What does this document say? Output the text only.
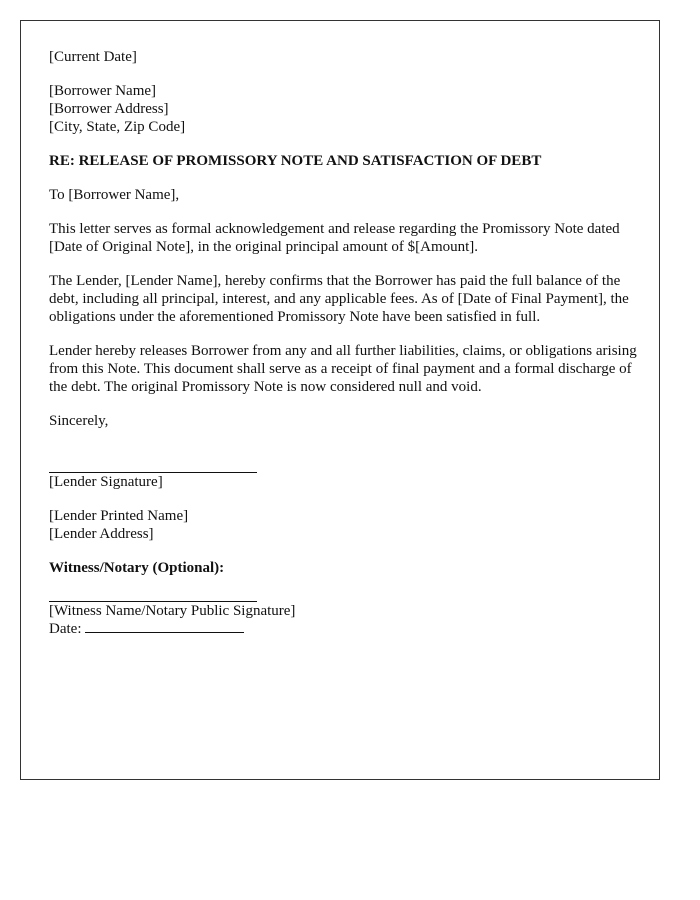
[Current Date]

[Borrower Name]
[Borrower Address]
[City, State, Zip Code]

RE: RELEASE OF PROMISSORY NOTE AND SATISFACTION OF DEBT

To [Borrower Name],

This letter serves as formal acknowledgement and release regarding the Promissory Note dated [Date of Original Note], in the original principal amount of $[Amount].

The Lender, [Lender Name], hereby confirms that the Borrower has paid the full balance of the debt, including all principal, interest, and any applicable fees. As of [Date of Final Payment], the obligations under the aforementioned Promissory Note have been satisfied in full.

Lender hereby releases Borrower from any and all further liabilities, claims, or obligations arising from this Note. This document shall serve as a receipt of final payment and a formal discharge of the debt. The original Promissory Note is now considered null and void.

Sincerely,

[Lender Signature]

[Lender Printed Name]
[Lender Address]

Witness/Notary (Optional):

[Witness Name/Notary Public Signature]
Date:
